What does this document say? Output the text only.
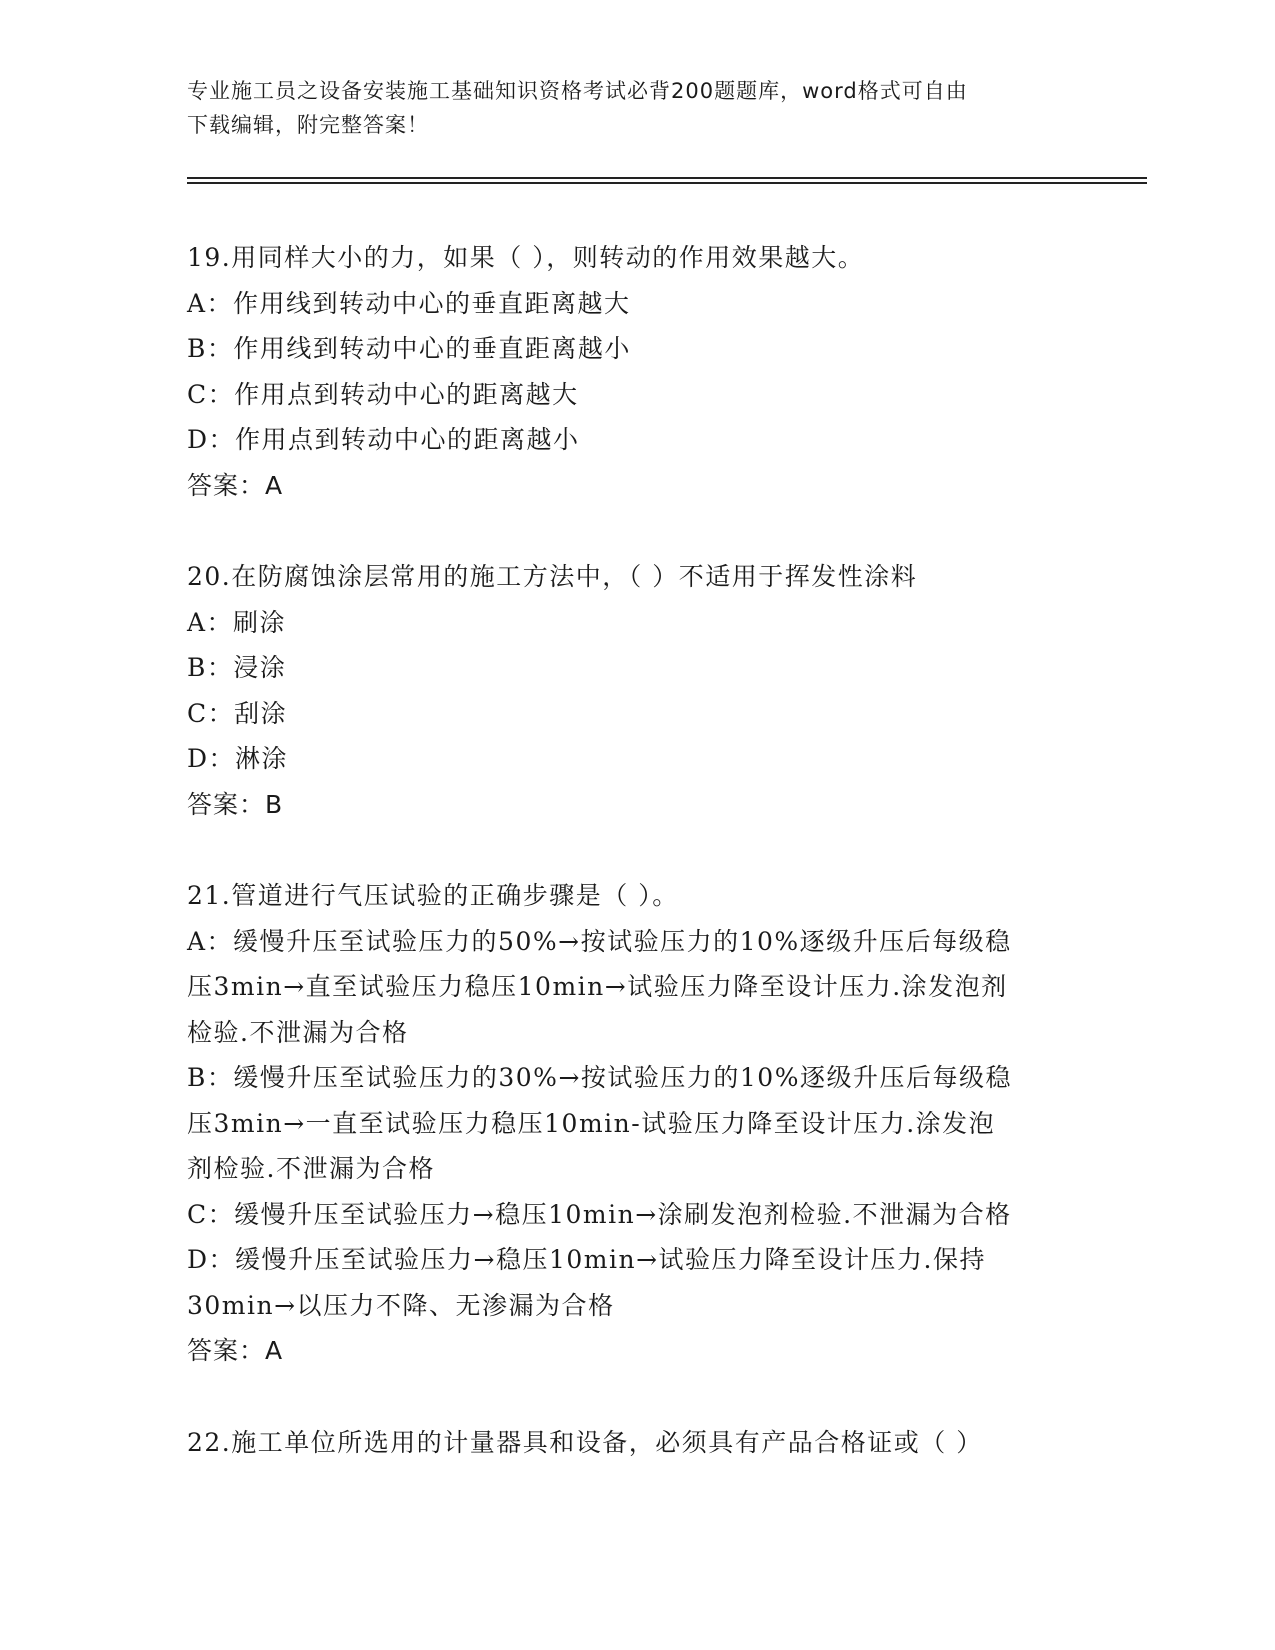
专业施工员之设备安装施工基础知识资格考试必背200题题库，word格式可自由
下载编辑，附完整答案！
19.用同样大小的力，如果（ ），则转动的作用效果越大。
A：作用线到转动中心的垂直距离越大
B：作用线到转动中心的垂直距离越小
C：作用点到转动中心的距离越大
D：作用点到转动中心的距离越小
答案：A
20.在防腐蚀涂层常用的施工方法中，（ ）不适用于挥发性涂料
A：刷涂
B：浸涂
C：刮涂
D：淋涂
答案：B
21.管道进行气压试验的正确步骤是（ ）。
A：缓慢升压至试验压力的50%→按试验压力的10%逐级升压后每级稳
压3min→直至试验压力稳压10min→试验压力降至设计压力.涂发泡剂
检验.不泄漏为合格
B：缓慢升压至试验压力的30%→按试验压力的10%逐级升压后每级稳
压3min→一直至试验压力稳压10min-试验压力降至设计压力.涂发泡
剂检验.不泄漏为合格
C：缓慢升压至试验压力→稳压10min→涂刷发泡剂检验.不泄漏为合格
D：缓慢升压至试验压力→稳压10min→试验压力降至设计压力.保持
30min→以压力不降、无渗漏为合格
答案：A
22.施工单位所选用的计量器具和设备，必须具有产品合格证或（ ）
